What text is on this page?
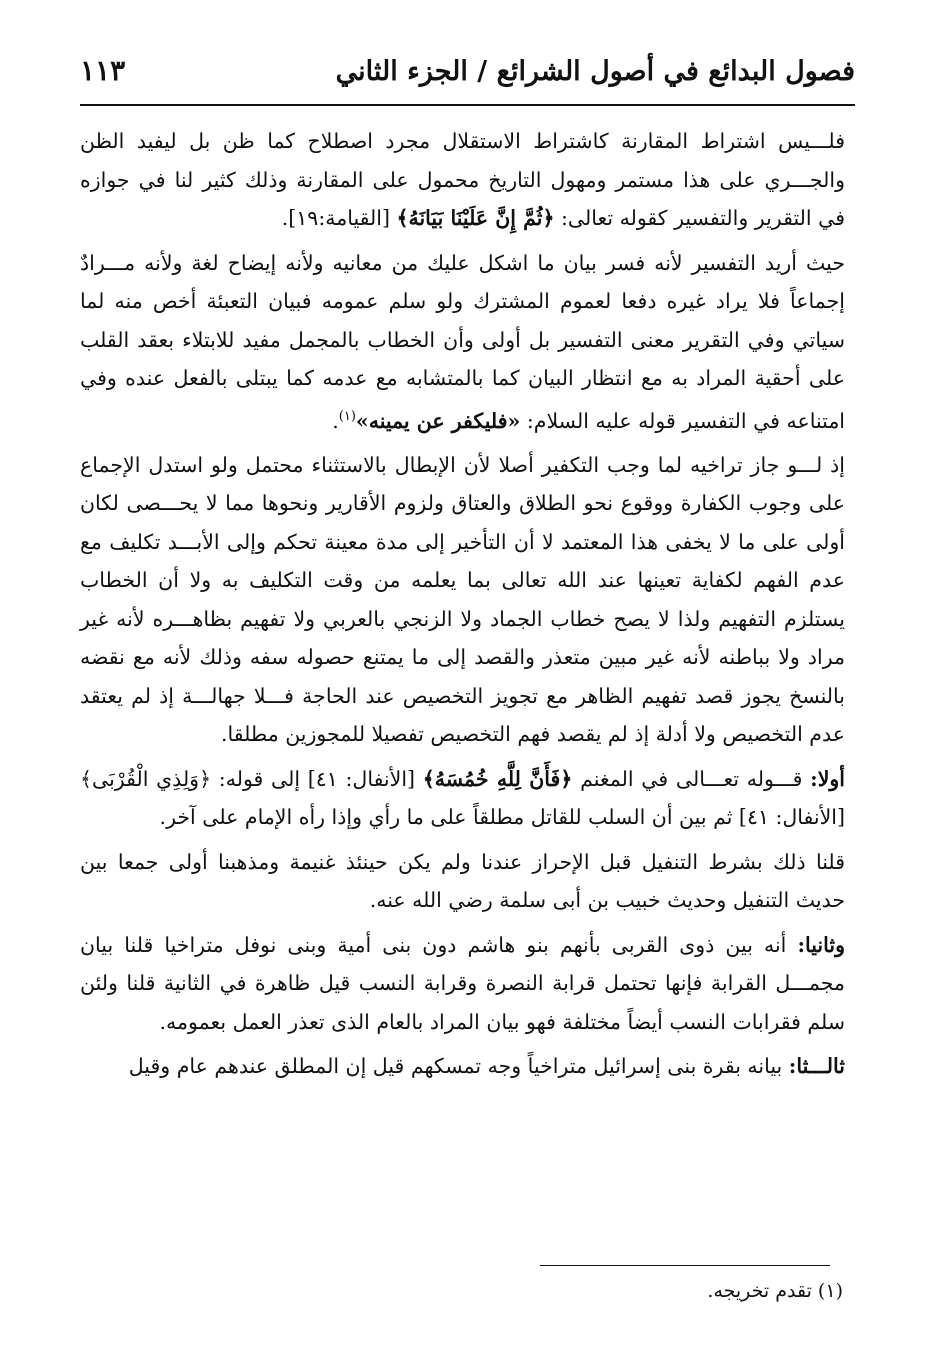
فصول البدائع في أصول الشرائع / الجزء الثاني
١١٣

فلـــيس اشتراط المقارنة كاشتراط الاستقلال مجرد اصطلاح كما ظن بل ليفيد الظن والجـــري على هذا مستمر ومهول التاريخ محمول على المقارنة وذلك كثير لنا في جوازه في التقرير والتفسير كقوله تعالى: ﴿ثُمَّ إِنَّ عَلَيْنَا بَيَانَهُ﴾ [القيامة:١٩].

حيث أريد التفسير لأنه فسر بيان ما اشكل عليك من معانيه ولأنه إيضاح لغة ولأنه مـــرادٌ إجماعاً فلا يراد غيره دفعا لعموم المشترك ولو سلم عمومه فبيان التعبئة أخص منه لما سياتي وفي التقرير معنى التفسير بل أولى وأن الخطاب بالمجمل مفيد للابتلاء بعقد القلب على أحقية المراد به مع انتظار البيان كما بالمتشابه مع عدمه كما يبتلى بالفعل عنده وفي امتناعه في التفسير قوله عليه السلام: «فليكفر عن يمينه»$^{(١)}$.

إذ لـــو جاز تراخيه لما وجب التكفير أصلا لأن الإبطال بالاستثناء محتمل ولو استدل الإجماع على وجوب الكفارة ووقوع نحو الطلاق والعتاق ولزوم الأقارير ونحوها مما لا يحـــصى لكان أولى على ما لا يخفى هذا المعتمد لا أن التأخير إلى مدة معينة تحكم وإلى الأبـــد تكليف مع عدم الفهم لكفاية تعينها عند الله تعالى بما يعلمه من وقت التكليف به ولا أن الخطاب يستلزم التفهيم ولذا لا يصح خطاب الجماد ولا الزنجي بالعربي ولا تفهيم بظاهـــره لأنه غير مراد ولا بباطنه لأنه غير مبين متعذر والقصد إلى ما يمتنع حصوله سفه وذلك لأنه مع نقضه بالنسخ يجوز قصد تفهيم الظاهر مع تجويز التخصيص عند الحاجة فـــلا جهالـــة إذ لم يعتقد عدم التخصيص ولا أدلة إذ لم يقصد فهم التخصيص تفصيلا للمجوزين مطلقا.

أولا: قـــوله تعـــالى في المغنم ﴿فَأَنَّ لِلَّهِ خُمُسَهُ﴾ [الأنفال: ٤١] إلى قوله: ﴿وَلِذِي الْقُرْبَى﴾ [الأنفال: ٤١] ثم بين أن السلب للقاتل مطلقاً على ما رأي وإذا رأه الإمام على آخر.

قلنا ذلك بشرط التنفيل قبل الإحراز عندنا ولم يكن حينئذ غنيمة ومذهبنا أولى جمعا بين حديث التنفيل وحديث خبيب بن أبى سلمة رضي الله عنه.

وثانيا: أنه بين ذوى القربى بأنهم بنو هاشم دون بنى أمية وبنى نوفل متراخيا قلنا بيان مجمـــل القرابة فإنها تحتمل قرابة النصرة وقرابة النسب قيل ظاهرة في الثانية قلنا ولئن سلم فقرابات النسب أيضاً مختلفة فهو بيان المراد بالعام الذى تعذر العمل بعمومه.

ثالـــثا: بيانه بقرة بنى إسرائيل متراخياً وجه تمسكهم قيل إن المطلق عندهم عام وقيل

(١) تقدم تخريجه.
